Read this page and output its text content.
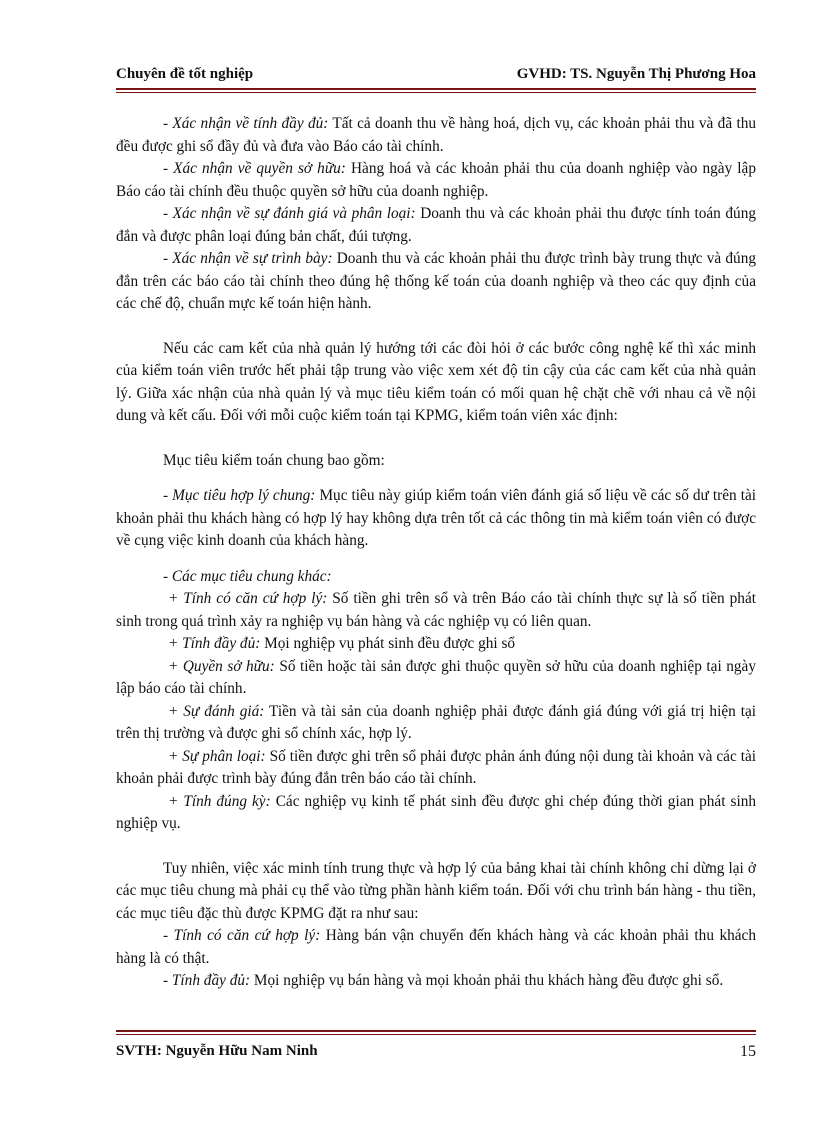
Chuyên đề tốt nghiệp	GVHD: TS. Nguyễn Thị Phương Hoa

- Xác nhận về tính đầy đủ: Tất cả doanh thu về hàng hoá, dịch vụ, các khoản phải thu và đã thu đều được ghi sổ đầy đủ và đưa vào Báo cáo tài chính.

- Xác nhận về quyền sở hữu: Hàng hoá và các khoản phải thu của doanh nghiệp vào ngày lập Báo cáo tài chính đều thuộc quyền sở hữu của doanh nghiệp.

- Xác nhận về sự đánh giá và phân loại: Doanh thu và các khoản phải thu được tính toán đúng đắn và được phân loại đúng bản chất, đúi tượng.

- Xác nhận về sự trình bày: Doanh thu và các khoản phải thu được trình bày trung thực và đúng đắn trên các báo cáo tài chính theo đúng hệ thống kế toán của doanh nghiệp và theo các quy định của các chế độ, chuẩn mực kế toán hiện hành.

Nếu các cam kết của nhà quản lý hướng tới các đòi hỏi ở các bước công nghệ kế thì xác minh của kiểm toán viên trước hết phải tập trung vào việc xem xét độ tin cậy của các cam kết của nhà quản lý. Giữa xác nhận của nhà quản lý và mục tiêu kiểm toán có mối quan hệ chặt chẽ với nhau cả về nội dung và kết cấu. Đối với mỗi cuộc kiểm toán tại KPMG, kiểm toán viên xác định:

Mục tiêu kiểm toán chung bao gồm:

- Mục tiêu hợp lý chung: Mục tiêu này giúp kiểm toán viên đánh giá số liệu về các số dư trên tài khoản phải thu khách hàng có hợp lý hay không dựa trên tốt cả các thông tin mà kiểm toán viên có được về cụng việc kinh doanh của khách hàng.

- Các mục tiêu chung khác:

+ Tính có căn cứ hợp lý: Số tiền ghi trên sổ và trên Báo cáo tài chính thực sự là số tiền phát sinh trong quá trình xảy ra nghiệp vụ bán hàng và các nghiệp vụ có liên quan.

+ Tính đầy đủ: Mọi nghiệp vụ phát sinh đều được ghi sổ

+ Quyền sở hữu: Số tiền hoặc tài sản được ghi thuộc quyền sở hữu của doanh nghiệp tại ngày lập báo cáo tài chính.

+ Sự đánh giá: Tiền và tài sản của doanh nghiệp phải được đánh giá đúng với giá trị hiện tại trên thị trường và được ghi sổ chính xác, hợp lý.

+ Sự phân loại: Số tiền được ghi trên sổ phải được phản ánh đúng nội dung tài khoản và các tài khoản phải được trình bày đúng đắn trên báo cáo tài chính.

+ Tính đúng kỳ: Các nghiệp vụ kinh tế phát sinh đều được ghi chép đúng thời gian phát sinh nghiệp vụ.

Tuy nhiên, việc xác minh tính trung thực và hợp lý của bảng khai tài chính không chỉ dừng lại ở các mục tiêu chung mà phải cụ thể vào từng phần hành kiểm toán. Đối với chu trình bán hàng - thu tiền, các mục tiêu đặc thù được KPMG đặt ra như sau:

- Tính có căn cứ hợp lý: Hàng bán vận chuyển đến khách hàng và các khoản phải thu khách hàng là có thật.

- Tính đầy đủ: Mọi nghiệp vụ bán hàng và mọi khoản phải thu khách hàng đều được ghi sổ.

SVTH: Nguyễn Hữu Nam Ninh	15
